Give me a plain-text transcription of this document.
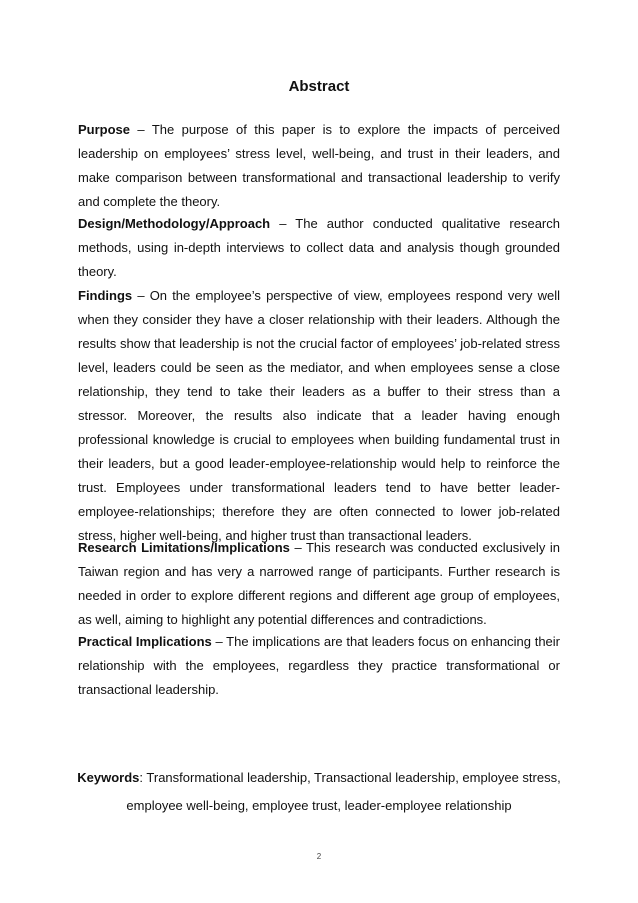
Abstract

Purpose – The purpose of this paper is to explore the impacts of perceived leadership on employees’ stress level, well-being, and trust in their leaders, and make comparison between transformational and transactional leadership to verify and complete the theory.

Design/Methodology/Approach – The author conducted qualitative research methods, using in-depth interviews to collect data and analysis though grounded theory.

Findings – On the employee’s perspective of view, employees respond very well when they consider they have a closer relationship with their leaders. Although the results show that leadership is not the crucial factor of employees’ job-related stress level, leaders could be seen as the mediator, and when employees sense a close relationship, they tend to take their leaders as a buffer to their stress than a stressor. Moreover, the results also indicate that a leader having enough professional knowledge is crucial to employees when building fundamental trust in their leaders, but a good leader-employee-relationship would help to reinforce the trust. Employees under transformational leaders tend to have better leader-employee-relationships; therefore they are often connected to lower job-related stress, higher well-being, and higher trust than transactional leaders.

Research Limitations/Implications – This research was conducted exclusively in Taiwan region and has very a narrowed range of participants. Further research is needed in order to explore different regions and different age group of employees, as well, aiming to highlight any potential differences and contradictions.

Practical Implications – The implications are that leaders focus on enhancing their relationship with the employees, regardless they practice transformational or transactional leadership.

Keywords: Transformational leadership, Transactional leadership, employee stress, employee well-being, employee trust, leader-employee relationship
2
